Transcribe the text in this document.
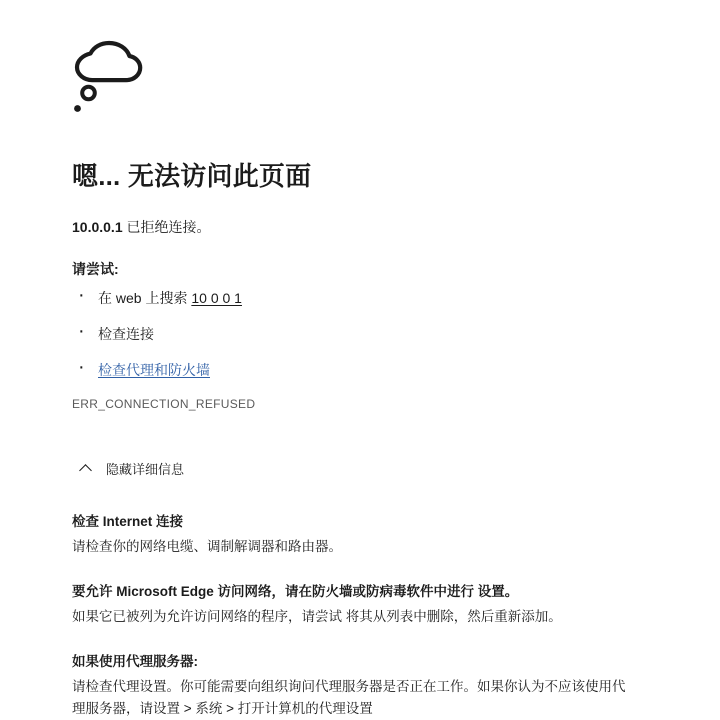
嗯... 无法访问此页面

10.0.0.1 已拒绝连接。

请尝试:

· 在 web 上搜索 10 0 0 1
· 检查连接
· 检查代理和防火墙

ERR_CONNECTION_REFUSED

隐藏详细信息

检查 Internet 连接

请检查你的网络电缆、调制解调器和路由器。

要允许 Microsoft Edge 访问网络，请在防火墙或防病毒软件中进行 设置。

如果它已被列为允许访问网络的程序，请尝试 将其从列表中删除，然后重新添加。

如果使用代理服务器:

请检查代理设置。你可能需要向组织询问代理服务器是否正在工作。如果你认为不应该使用代理服务器，请设置 > 系统 > 打开计算机的代理设置
